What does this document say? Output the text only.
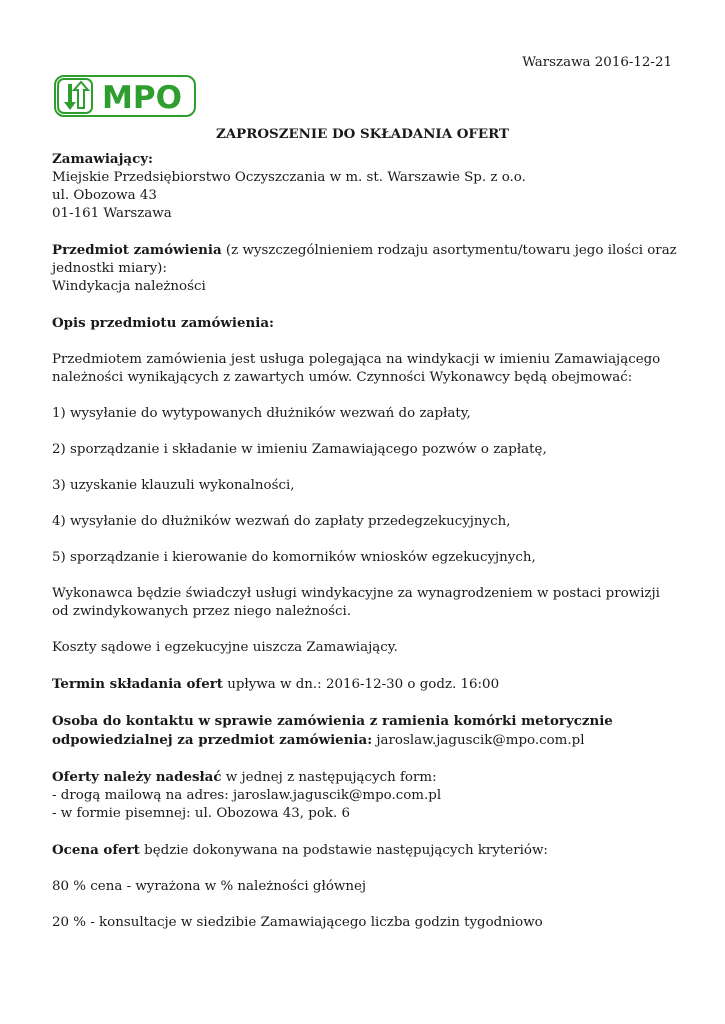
Warszawa 2016-12-21
MPO
ZAPROSZENIE DO SKŁADANIA OFERT

Zamawiający:

Miejskie Przedsiębiorstwo Oczyszczania w m. st. Warszawie Sp. z o.o.

ul. Obozowa 43

01-161 Warszawa

Przedmiot zamówienia (z wyszczególnieniem rodzaju asortymentu/towaru jego ilości oraz jednostki miary):

Windykacja należności

Opis przedmiotu zamówienia:

Przedmiotem zamówienia jest usługa polegająca na windykacji w imieniu Zamawiającego należności wynikających z zawartych umów. Czynności Wykonawcy będą obejmować:

1) wysyłanie do wytypowanych dłużników wezwań do zapłaty,

2) sporządzanie i składanie w imieniu Zamawiającego pozwów o zapłatę,

3) uzyskanie klauzuli wykonalności,

4) wysyłanie do dłużników wezwań do zapłaty przedegzekucyjnych,

5) sporządzanie i kierowanie do komorników wniosków egzekucyjnych,

Wykonawca będzie świadczył usługi windykacyjne za wynagrodzeniem w postaci prowizji od zwindykowanych przez niego należności.

Koszty sądowe i egzekucyjne uiszcza Zamawiający.

Termin składania ofert upływa w dn.: 2016-12-30 o godz. 16:00

Osoba do kontaktu w sprawie zamówienia z ramienia komórki metorycznie odpowiedzialnej za przedmiot zamówienia: jaroslaw.jaguscik@mpo.com.pl

Oferty należy nadesłać w jednej z następujących form:

- drogą mailową na adres: jaroslaw.jaguscik@mpo.com.pl

- w formie pisemnej: ul. Obozowa 43, pok. 6

Ocena ofert będzie dokonywana na podstawie następujących kryteriów:

80 % cena - wyrażona w % należności głównej

20 % - konsultacje w siedzibie Zamawiającego liczba godzin tygodniowo
